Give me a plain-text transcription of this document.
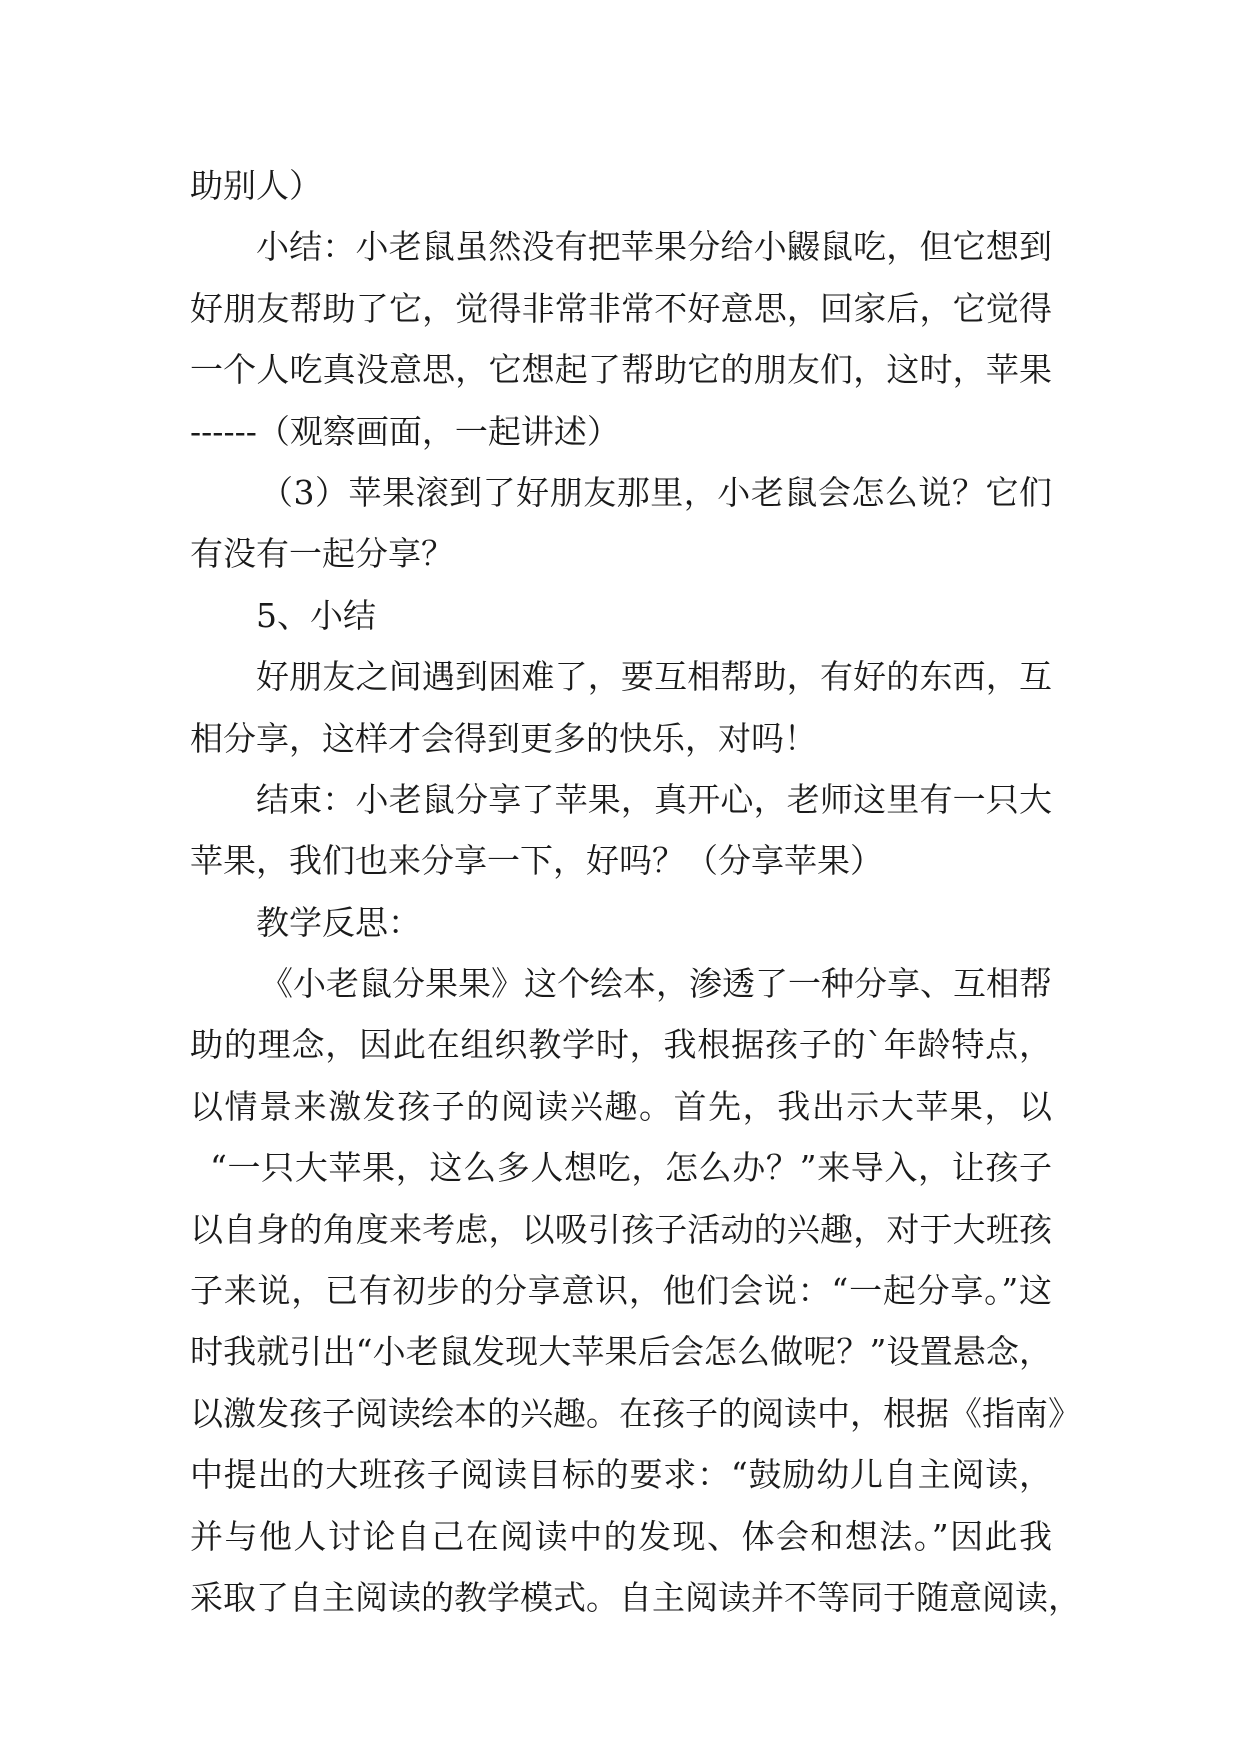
助别人）
小结：小老鼠虽然没有把苹果分给小鼹鼠吃，但它想到
好朋友帮助了它，觉得非常非常不好意思，回家后，它觉得
一个人吃真没意思，它想起了帮助它的朋友们，这时，苹果
------（观察画面，一起讲述）
（3）苹果滚到了好朋友那里，小老鼠会怎么说？它们
有没有一起分享？
5、小结
好朋友之间遇到困难了，要互相帮助，有好的东西，互
相分享，这样才会得到更多的快乐，对吗！
结束：小老鼠分享了苹果，真开心，老师这里有一只大
苹果，我们也来分享一下，好吗？（分享苹果）
教学反思：
《小老鼠分果果》这个绘本，渗透了一种分享、互相帮
助的理念，因此在组织教学时，我根据孩子的`年龄特点，
以情景来激发孩子的阅读兴趣。首先，我出示大苹果，以
“一只大苹果，这么多人想吃，怎么办？”来导入，让孩子
以自身的角度来考虑，以吸引孩子活动的兴趣，对于大班孩
子来说，已有初步的分享意识，他们会说：“一起分享。”这
时我就引出“小老鼠发现大苹果后会怎么做呢？”设置悬念，
以激发孩子阅读绘本的兴趣。在孩子的阅读中，根据《指南》
中提出的大班孩子阅读目标的要求：“鼓励幼儿自主阅读，
并与他人讨论自己在阅读中的发现、体会和想法。”因此我
采取了自主阅读的教学模式。自主阅读并不等同于随意阅读，
